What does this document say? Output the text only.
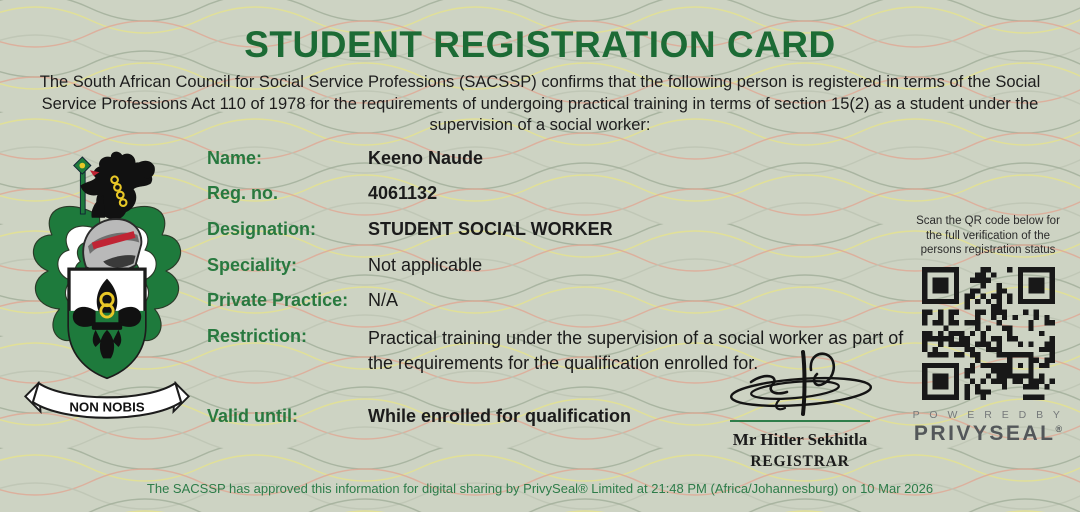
STUDENT REGISTRATION CARD

The South African Council for Social Service Professions (SACSSP) confirms that the following person is registered in terms of the Social Service Professions Act 110 of 1978 for the requirements of undergoing practical training in terms of section 15(2) as a student under the supervision of a social worker:

NON NOBIS
Name:	Keeno Naude
Reg. no.	4061132
Designation:	STUDENT SOCIAL WORKER
Speciality:	Not applicable
Private Practice:	N/A
Restriction:	Practical training under the supervision of a social worker as part of the requirements for the qualification enrolled for.
Valid until:	While enrolled for qualification
Mr Hitler Sekhitla
REGISTRAR
Scan the QR code below for the full verification of the persons registration status
P O W E R E D B Y
PRIVYSEAL®
The SACSSP has approved this information for digital sharing by PrivySeal® Limited at 21:48 PM (Africa/Johannesburg) on 10 Mar 2026
